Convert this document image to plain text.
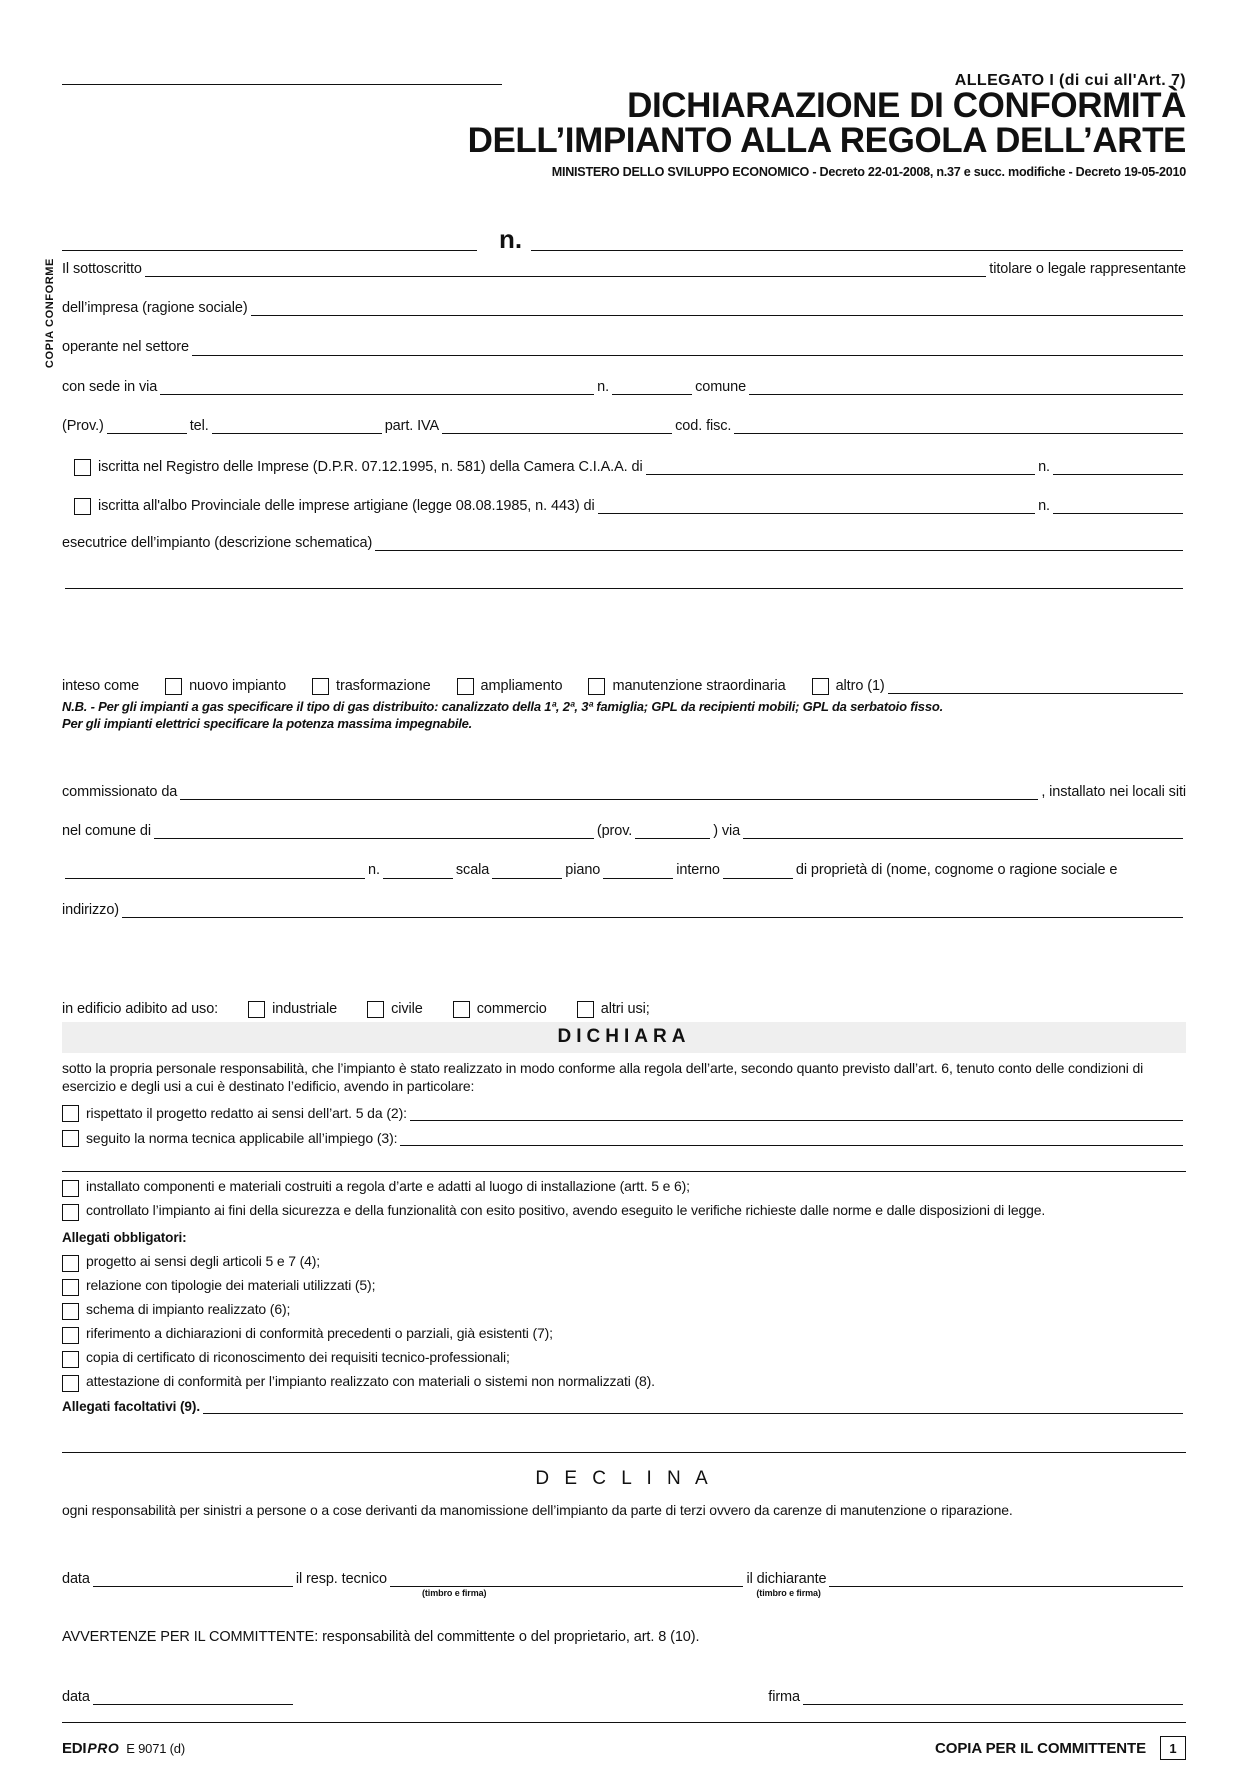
COPIA CONFORME
ALLEGATO I (di cui all'Art. 7)
DICHIARAZIONE DI CONFORMITÀ
DELL’IMPIANTO ALLA REGOLA DELL’ARTE
MINISTERO DELLO SVILUPPO ECONOMICO - Decreto 22-01-2008, n.37 e succ. modifiche - Decreto 19-05-2010
n.
Il sottoscritto	titolare o legale rappresentante
dell’impresa (ragione sociale)
operante nel settore
con sede in via	n.	comune
(Prov.)	tel.	part. IVA	cod. fisc.
iscritta nel Registro delle Imprese (D.P.R. 07.12.1995, n. 581) della Camera C.I.A.A. di	n.
iscritta all'albo Provinciale delle imprese artigiane (legge 08.08.1985, n. 443) di	n.
esecutrice dell’impianto (descrizione schematica)
inteso come	nuovo impianto	trasformazione	ampliamento	manutenzione straordinaria	altro (1)
N.B. - Per gli impianti a gas specificare il tipo di gas distribuito: canalizzato della 1ª, 2ª, 3ª famiglia; GPL da recipienti mobili; GPL da serbatoio fisso.
Per gli impianti elettrici specificare la potenza massima impegnabile.
commissionato da	, installato nei locali siti
nel comune di	(prov.	) via
n.	scala	piano	interno	di proprietà di (nome, cognome o ragione sociale e
indirizzo)
in edificio adibito ad uso:	industriale	civile	commercio	altri usi;
DICHIARA
sotto la propria personale responsabilità, che l’impianto è stato realizzato in modo conforme alla regola dell’arte, secondo quanto previsto dall’art. 6, tenuto conto delle condizioni di esercizio e degli usi a cui è destinato l’edificio, avendo in particolare:
rispettato il progetto redatto ai sensi dell’art. 5 da (2):
seguito la norma tecnica applicabile all’impiego (3):
installato componenti e materiali costruiti a regola d’arte e adatti al luogo di installazione (artt. 5 e 6);
controllato l’impianto ai fini della sicurezza e della funzionalità con esito positivo, avendo eseguito le verifiche richieste dalle norme e dalle disposizioni di legge.
Allegati obbligatori:
progetto ai sensi degli articoli 5 e 7 (4);
relazione con tipologie dei materiali utilizzati (5);
schema di impianto realizzato (6);
riferimento a dichiarazioni di conformità precedenti o parziali, già esistenti (7);
copia di certificato di riconoscimento dei requisiti tecnico-professionali;
attestazione di conformità per l’impianto realizzato con materiali o sistemi non normalizzati (8).
Allegati facoltativi (9).
D E C L I N A
ogni responsabilità per sinistri a persone o a cose derivanti da manomissione dell’impianto da parte di terzi ovvero da carenze di manutenzione o riparazione.
data	il resp. tecnico	il dichiarante
(timbro e firma)	(timbro e firma)
AVVERTENZE PER IL COMMITTENTE: responsabilità del committente o del proprietario, art. 8 (10).
data	firma
EDI PRO E 9071 (d)	COPIA PER IL COMMITTENTE	1
